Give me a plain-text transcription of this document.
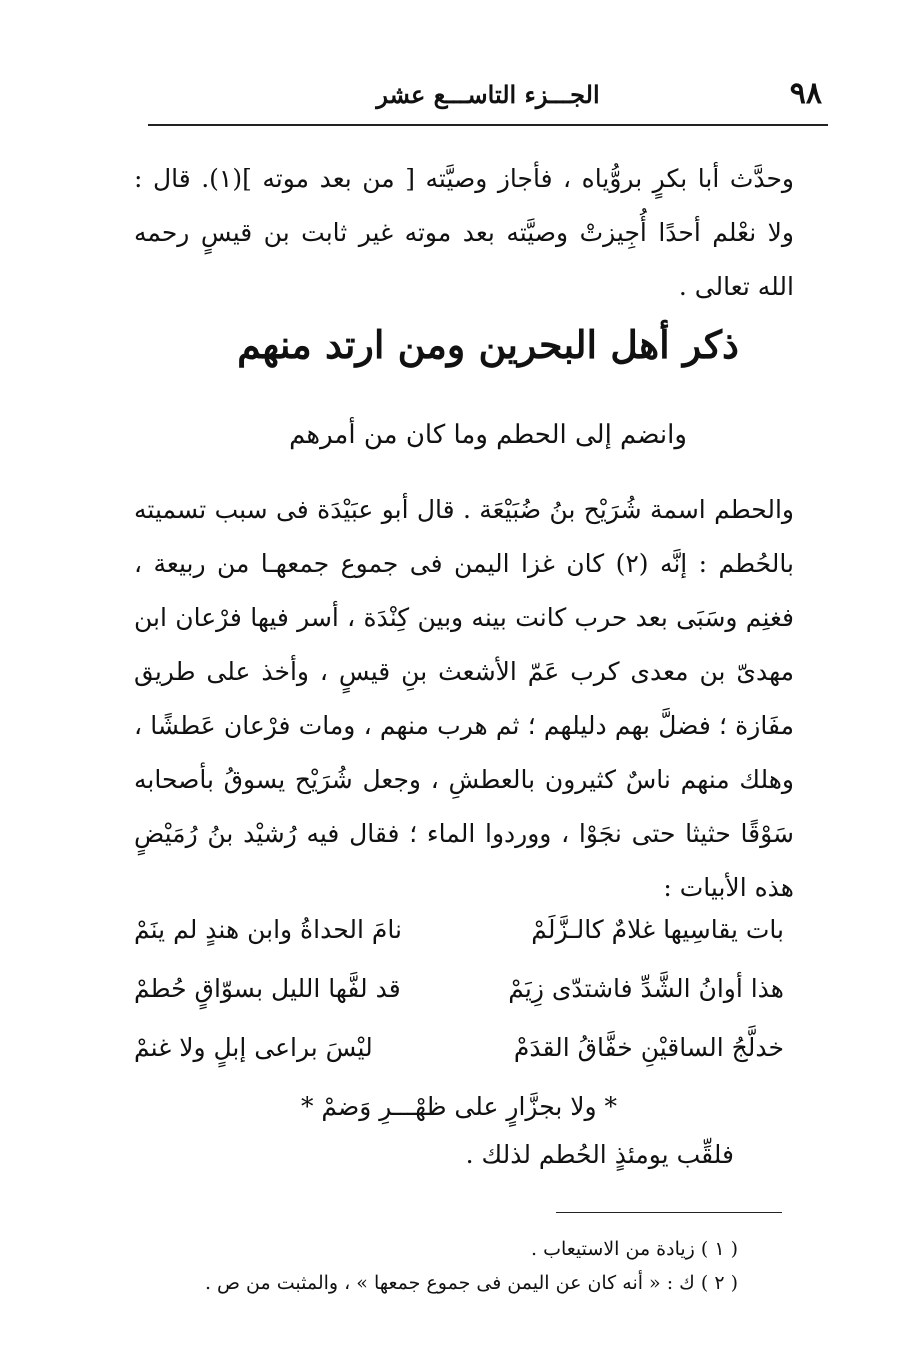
٩٨
الجـــزء التاســـع عشر

وحدَّث أبا بكرٍ بروُّياه ، فأجاز وصيَّته [ من بعد موته ](١). قال : ولا نعْلم أحدًا أُجِيزتْ وصيَّته بعد موته غير ثابت بن قيسٍ رحمه الله تعالى .

ذكر أهل البحرين ومن ارتد منهم
وانضم إلى الحطم وما كان من أمرهم

والحطم اسمة شُرَيْح بنُ ضُبَيْعَة . قال أبو عبَيْدَة فى سبب تسميته بالحُطم : إنَّه (٢) كان غزا اليمن فى جموع جمعهـا من ربيعة ، فغنِم وسَبَى بعد حرب كانت بينه وبين كِنْدَة ، أسر فيها فرْعان ابن مهدىّ بن معدى كرب عَمّ الأشعث بنِ قيسٍ ، وأخذ على طريق مفَازة ؛ فضلَّ بهم دليلهم ؛ ثم هرب منهم ، ومات فرْعان عَطشًا ، وهلك منهم ناسٌ كثيرون بالعطشِ ، وجعل شُرَيْح يسوقُ بأصحابه سَوْقًا حثيثا حتى نجَوْا ، ووردوا الماء ؛ فقال فيه رُشيْد بنُ رُمَيْضٍ هذه الأبيات :

بات يقاسِيها غلامٌ كالـزَّلَمْ
نامَ الحداةُ وابن هندٍ لم ينَمْ
هذا أوانُ الشَّدِّ فاشتدّى زِيَمْ
قد لفَّها الليل بسوّاقٍ حُطمْ
خدلَّجُ الساقيْنِ خفَّاقُ القدَمْ
ليْسَ براعى إبلٍ ولا غنمْ
* ولا بجزَّارٍ على ظهْـــرِ وَضمْ *
فلقِّب يومئذٍ الحُطم لذلك .
( ١ ) زيادة من الاستيعاب .
( ٢ ) ك : « أنه كان عن اليمن فى جموع جمعها » ، والمثبت من ص .
